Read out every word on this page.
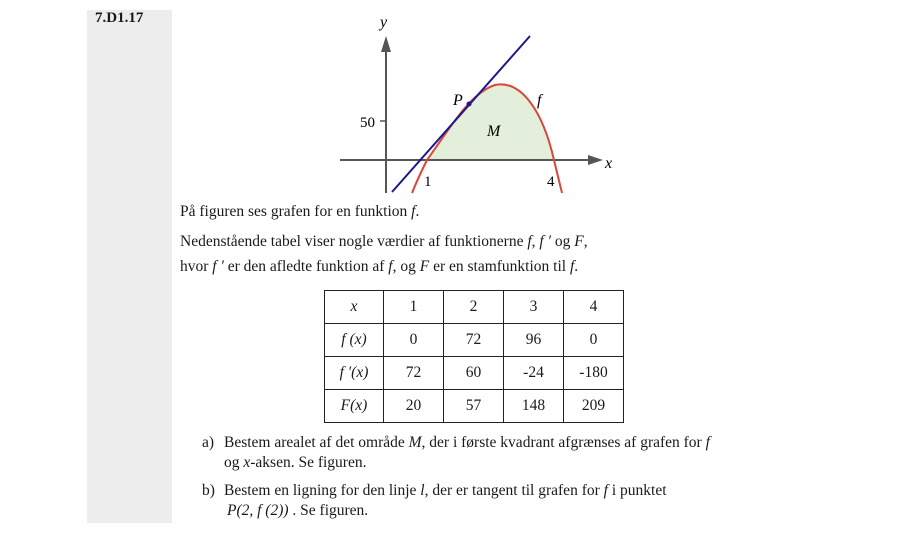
7.D1.17	y
x
50
1	4
P	f
M
På figuren ses grafen for en funktion f.
Nedenstående tabel viser nogle værdier af funktionerne f, f ′ og F,
hvor f ′ er den afledte funktion af f, og F er en stamfunktion til f.
x	1	2	3	4
f (x)	0	72	96	0
f ′(x)	72	60	-24	-180
F(x)	20	57	148	209
a) Bestem arealet af det område M, der i første kvadrant afgrænses af grafen for f
og x-aksen. Se figuren.
b) Bestem en ligning for den linje l, der er tangent til grafen for f i punktet
P(2, f (2)) . Se figuren.
